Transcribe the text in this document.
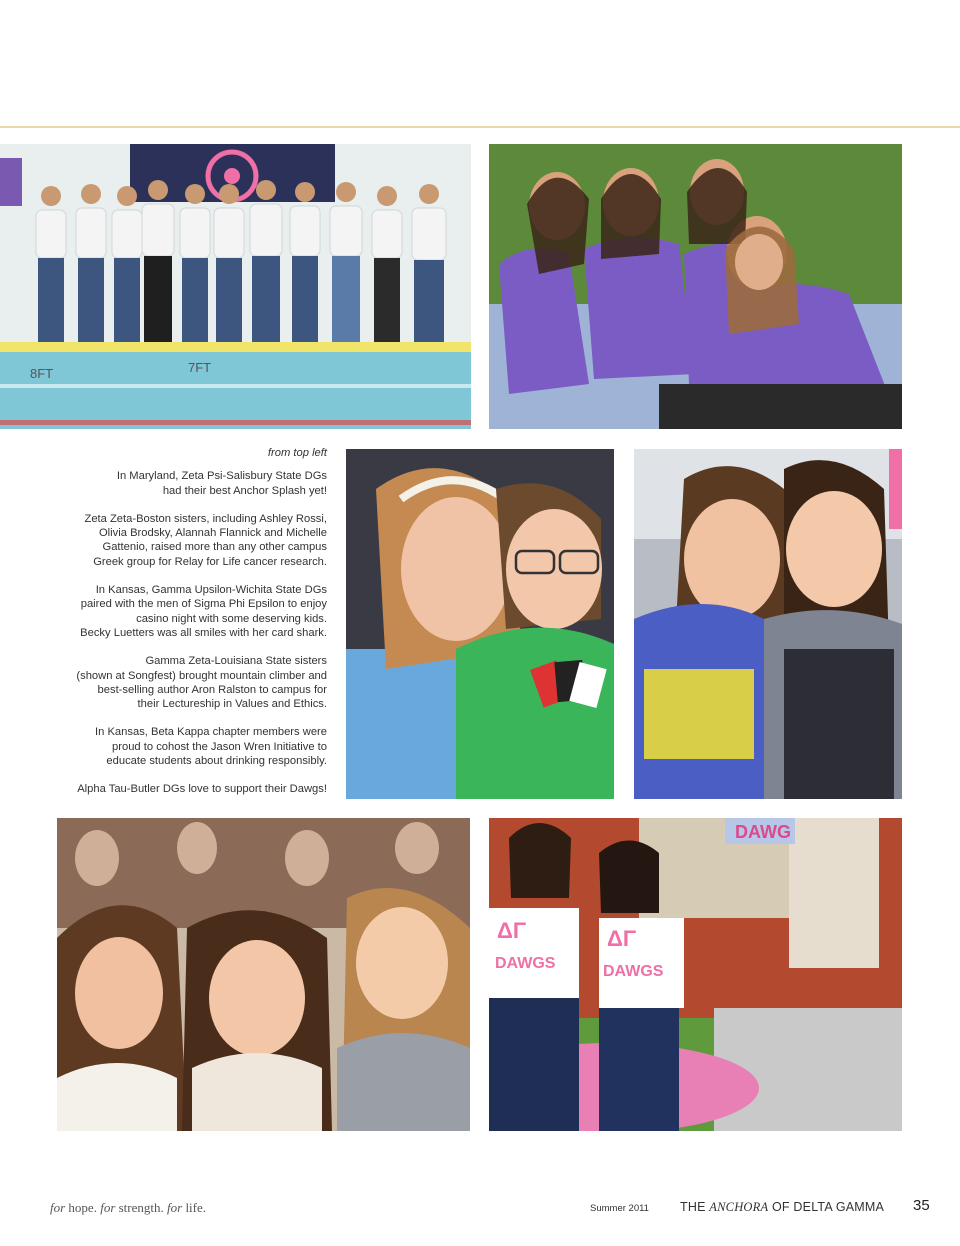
8FT	7FT
DAWG
ΔΓ
DAWGS
ΔΓ
DAWGS
from top left

In Maryland, Zeta Psi-Salisbury State DGs
had their best Anchor Splash yet!

Zeta Zeta-Boston sisters, including Ashley Rossi,
Olivia Brodsky, Alannah Flannick and Michelle
Gattenio, raised more than any other campus
Greek group for Relay for Life cancer research.

In Kansas, Gamma Upsilon-Wichita State DGs
paired with the men of Sigma Phi Epsilon to enjoy
casino night with some deserving kids.
Becky Luetters was all smiles with her card shark.

Gamma Zeta-Louisiana State sisters
(shown at Songfest) brought mountain climber and
best-selling author Aron Ralston to campus for
their Lectureship in Values and Ethics.

In Kansas, Beta Kappa chapter members were
proud to cohost the Jason Wren Initiative to
educate students about drinking responsibly.

Alpha Tau-Butler DGs love to support their Dawgs!

for hope. for strength. for life.	Summer 2011 THE ANCHORA OF DELTA GAMMA 35
